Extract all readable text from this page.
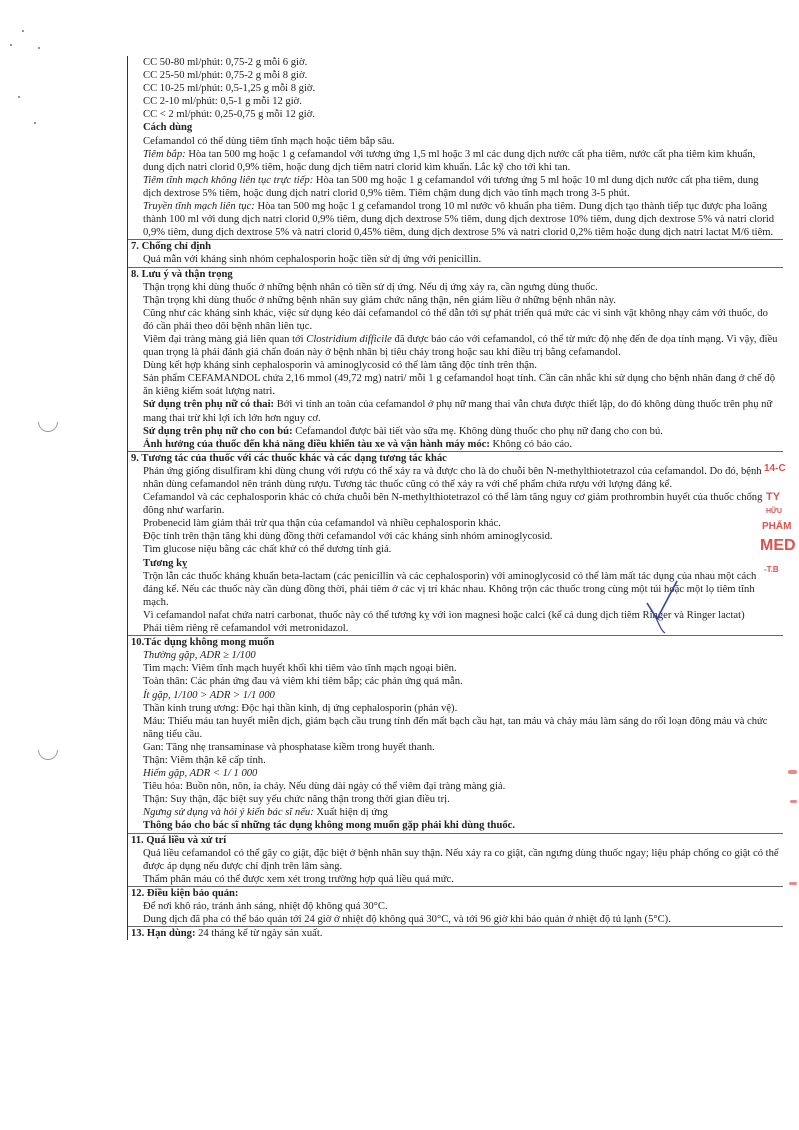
CC 50-80 ml/phút: 0,75-2 g mỗi 6 giờ.

CC 25-50 ml/phút: 0,75-2 g mỗi 8 giờ.

CC 10-25 ml/phút: 0,5-1,25 g mỗi 8 giờ.

CC 2-10 ml/phút: 0,5-1 g mỗi 12 giờ.

CC < 2 ml/phút: 0,25-0,75 g mỗi 12 giờ.

Cách dùng

Cefamandol có thể dùng tiêm tĩnh mạch hoặc tiêm bắp sâu.

Tiêm bắp: Hòa tan 500 mg hoặc 1 g cefamandol với tương ứng 1,5 ml hoặc 3 ml các dung dịch nước cất pha tiêm, nước cất pha tiêm kìm khuẩn, dung dịch natri clorid 0,9% tiêm, hoặc dung dịch tiêm natri clorid kìm khuẩn. Lắc kỹ cho tới khi tan.

Tiêm tĩnh mạch không liên tục trực tiếp: Hòa tan 500 mg hoặc 1 g cefamandol với tương ứng 5 ml hoặc 10 ml dung dịch nước cất pha tiêm, dung dịch dextrose 5% tiêm, hoặc dung dịch natri clorid 0,9% tiêm. Tiêm chậm dung dịch vào tĩnh mạch trong 3-5 phút.

Truyền tĩnh mạch liên tục: Hòa tan 500 mg hoặc 1 g cefamandol trong 10 ml nước vô khuẩn pha tiêm. Dung dịch tạo thành tiếp tục được pha loãng thành 100 ml với dung dịch natri clorid 0,9% tiêm, dung dịch dextrose 5% tiêm, dung dịch dextrose 10% tiêm, dung dịch dextrose 5% và natri clorid 0,9% tiêm, dung dịch dextrose 5% và natri clorid 0,45% tiêm, dung dịch dextrose 5% và natri clorid 0,2% tiêm hoặc dung dịch natri lactat M/6 tiêm.

7. Chống chỉ định

Quá mẫn với kháng sinh nhóm cephalosporin hoặc tiền sử dị ứng với penicillin.

8. Lưu ý và thận trọng

Thận trọng khi dùng thuốc ở những bệnh nhân có tiền sử dị ứng. Nếu dị ứng xảy ra, cần ngưng dùng thuốc.

Thận trọng khi dùng thuốc ở những bệnh nhân suy giảm chức năng thận, nên giảm liều ở những bệnh nhân này.

Cũng như các kháng sinh khác, việc sử dụng kéo dài cefamandol có thể dẫn tới sự phát triển quá mức các vi sinh vật không nhạy cảm với thuốc, do đó cần phải theo dõi bệnh nhân liên tục.

Viêm đại tràng màng giả liên quan tới Clostridium difficile đã được báo cáo với cefamandol, có thể từ mức độ nhẹ đến đe dọa tính mạng. Vì vậy, điều quan trọng là phải đánh giá chẩn đoán này ở bệnh nhân bị tiêu chảy trong hoặc sau khi điều trị bằng cefamandol.

Dùng kết hợp kháng sinh cephalosporin và aminoglycosid có thể làm tăng độc tính trên thận.

Sản phẩm CEFAMANDOL chứa 2,16 mmol (49,72 mg) natri/ mỗi 1 g cefamandol hoạt tính. Cần cân nhắc khi sử dụng cho bệnh nhân đang ở chế độ ăn kiêng kiểm soát lượng natri.

Sử dụng trên phụ nữ có thai: Bởi vì tính an toàn của cefamandol ở phụ nữ mang thai vẫn chưa được thiết lập, do đó không dùng thuốc trên phụ nữ mang thai trừ khi lợi ích lớn hơn nguy cơ.

Sử dụng trên phụ nữ cho con bú: Cefamandol được bài tiết vào sữa mẹ. Không dùng thuốc cho phụ nữ đang cho con bú.

Ảnh hưởng của thuốc đến khả năng điều khiển tàu xe và vận hành máy móc: Không có báo cáo.

9. Tương tác của thuốc với các thuốc khác và các dạng tương tác khác

Phản ứng giống disulfiram khi dùng chung với rượu có thể xảy ra và được cho là do chuỗi bên N-methylthiotetrazol của cefamandol. Do đó, bệnh nhân dùng cefamandol nên tránh dùng rượu. Tương tác thuốc cũng có thể xảy ra với chế phẩm chứa rượu với lượng đáng kể.

Cefamandol và các cephalosporin khác có chứa chuỗi bên N-methylthiotetrazol có thể làm tăng nguy cơ giảm prothrombin huyết của thuốc chống đông như warfarin.

Probenecid làm giảm thải trừ qua thận của cefamandol và nhiều cephalosporin khác.

Độc tính trên thận tăng khi dùng đồng thời cefamandol với các kháng sinh nhóm aminoglycosid.

Tìm glucose niệu bằng các chất khử có thể dương tính giả.

Tương kỵ

Trộn lẫn các thuốc kháng khuẩn beta-lactam (các penicillin và các cephalosporin) với aminoglycosid có thể làm mất tác dụng của nhau một cách đáng kể. Nếu các thuốc này cần dùng đồng thời, phải tiêm ở các vị trí khác nhau. Không trộn các thuốc trong cùng một túi hoặc một lọ tiêm tĩnh mạch.

Vì cefamandol nafat chứa natri carbonat, thuốc này có thể tương kỵ với ion magnesi hoặc calci (kể cả dung dịch tiêm Ringer và Ringer lactat)

Phải tiêm riêng rẽ cefamandol với metronidazol.

10.Tác dụng không mong muốn

Thường gặp, ADR ≥ 1/100

Tim mạch: Viêm tĩnh mạch huyết khối khi tiêm vào tĩnh mạch ngoại biên.

Toàn thân: Các phản ứng đau và viêm khi tiêm bắp; các phản ứng quá mẫn.

Ít gặp, 1/100 > ADR > 1/1 000

Thần kinh trung ương: Độc hại thần kinh, dị ứng cephalosporin (phản vệ).

Máu: Thiếu máu tan huyết miễn dịch, giảm bạch cầu trung tính đến mất bạch cầu hạt, tan máu và chảy máu làm sáng do rối loạn đông máu và chức năng tiểu cầu.

Gan: Tăng nhẹ transaminase và phosphatase kiềm trong huyết thanh.

Thận: Viêm thận kẽ cấp tính.

Hiếm gặp, ADR < 1/ 1 000

Tiêu hóa: Buồn nôn, nôn, ỉa chảy. Nếu dùng dài ngày có thể viêm đại tràng màng giả.

Thận: Suy thận, đặc biệt suy yếu chức năng thận trong thời gian điều trị.

Ngưng sử dụng và hỏi ý kiến bác sĩ nếu: Xuất hiện dị ứng

Thông báo cho bác sĩ những tác dụng không mong muốn gặp phải khi dùng thuốc.

11. Quá liều và xử trí

Quá liều cefamandol có thể gây co giật, đặc biệt ở bệnh nhân suy thận. Nếu xảy ra co giật, cần ngưng dùng thuốc ngay; liệu pháp chống co giật có thể được áp dụng nếu được chỉ định trên lâm sàng.

Thẩm phân máu có thể được xem xét trong trường hợp quá liều quá mức.

12. Điều kiện bảo quản:

Để nơi khô ráo, tránh ánh sáng, nhiệt độ không quá 30°C.

Dung dịch đã pha có thể bảo quản tới 24 giờ ở nhiệt độ không quá 30°C, và tới 96 giờ khi bảo quản ở nhiệt độ tủ lạnh (5°C).

13. Hạn dùng: 24 tháng kể từ ngày sản xuất.

14-C
TY
HỮU
PHẨM
MED
-T.B
